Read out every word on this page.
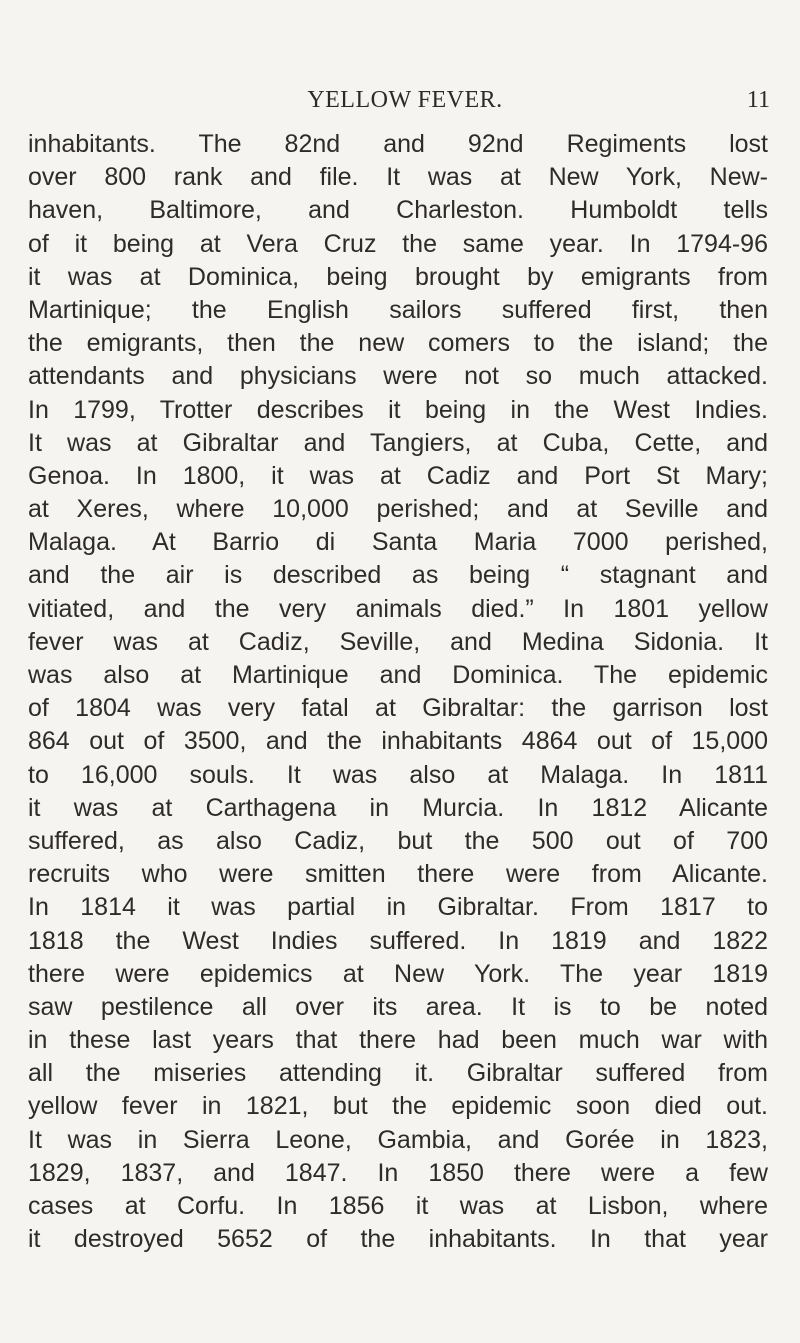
YELLOW FEVER.	11
inhabitants. The 82nd and 92nd Regiments lost
over 800 rank and file. It was at New York, New-
haven, Baltimore, and Charleston. Humboldt tells
of it being at Vera Cruz the same year. In 1794-96
it was at Dominica, being brought by emigrants from
Martinique; the English sailors suffered first, then
the emigrants, then the new comers to the island; the
attendants and physicians were not so much attacked.
In 1799, Trotter describes it being in the West Indies.
It was at Gibraltar and Tangiers, at Cuba, Cette, and
Genoa. In 1800, it was at Cadiz and Port St Mary;
at Xeres, where 10,000 perished; and at Seville and
Malaga. At Barrio di Santa Maria 7000 perished,
and the air is described as being “ stagnant and
vitiated, and the very animals died.” In 1801 yellow
fever was at Cadiz, Seville, and Medina Sidonia. It
was also at Martinique and Dominica. The epidemic
of 1804 was very fatal at Gibraltar: the garrison lost
864 out of 3500, and the inhabitants 4864 out of 15,000
to 16,000 souls. It was also at Malaga. In 1811
it was at Carthagena in Murcia. In 1812 Alicante
suffered, as also Cadiz, but the 500 out of 700
recruits who were smitten there were from Alicante.
In 1814 it was partial in Gibraltar. From 1817 to
1818 the West Indies suffered. In 1819 and 1822
there were epidemics at New York. The year 1819
saw pestilence all over its area. It is to be noted
in these last years that there had been much war with
all the miseries attending it. Gibraltar suffered from
yellow fever in 1821, but the epidemic soon died out.
It was in Sierra Leone, Gambia, and Gorée in 1823,
1829, 1837, and 1847. In 1850 there were a few
cases at Corfu. In 1856 it was at Lisbon, where
it destroyed 5652 of the inhabitants. In that year
